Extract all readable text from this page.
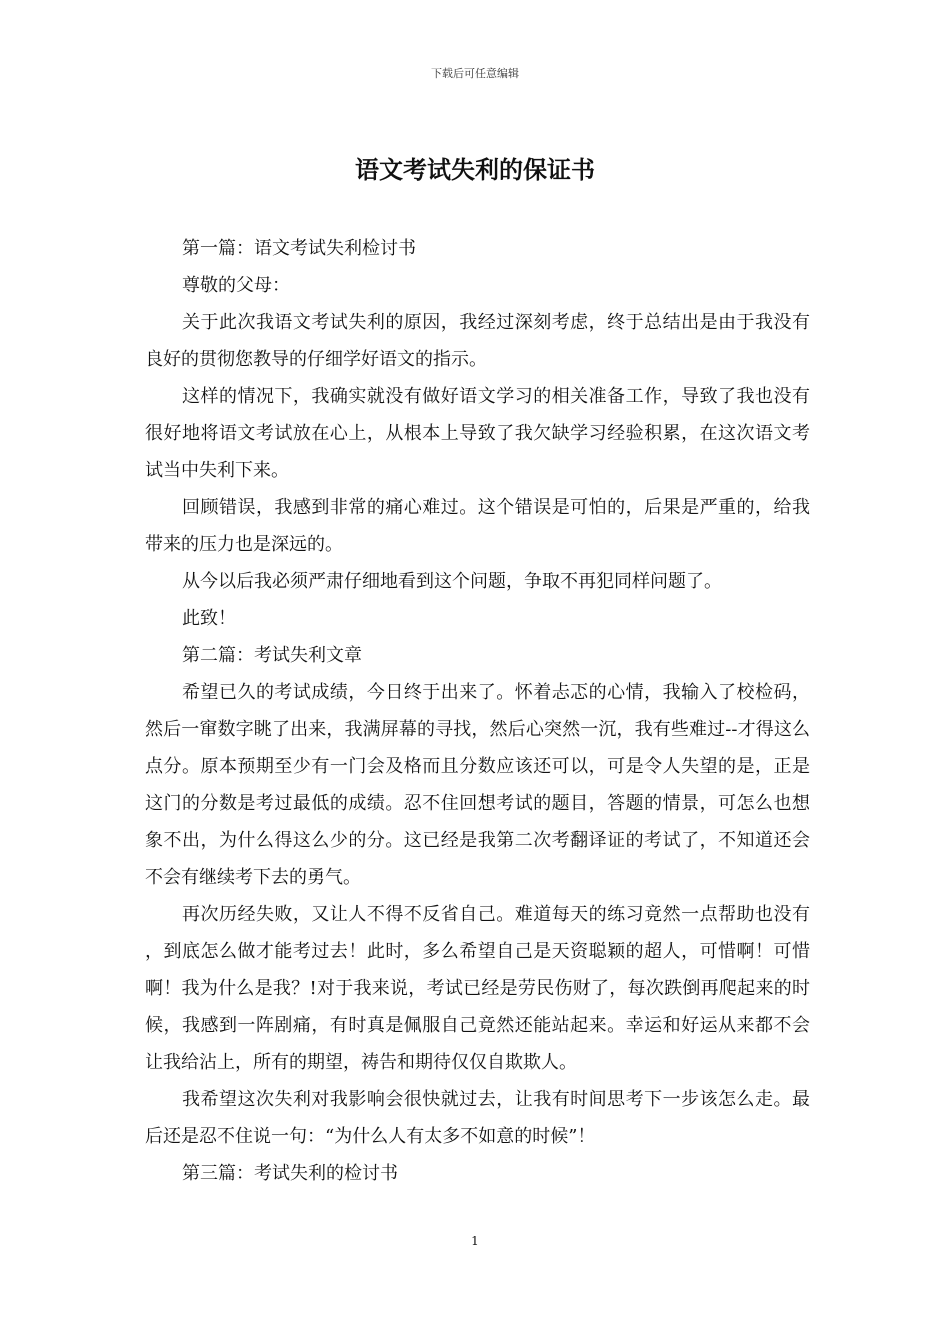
下载后可任意编辑
语文考试失利的保证书

第一篇：语文考试失利检讨书

尊敬的父母：

关于此次我语文考试失利的原因，我经过深刻考虑，终于总结出是由于我没有良好的贯彻您教导的仔细学好语文的指示。

这样的情况下，我确实就没有做好语文学习的相关准备工作，导致了我也没有很好地将语文考试放在心上，从根本上导致了我欠缺学习经验积累，在这次语文考试当中失利下来。

回顾错误，我感到非常的痛心难过。这个错误是可怕的，后果是严重的，给我带来的压力也是深远的。

从今以后我必须严肃仔细地看到这个问题，争取不再犯同样问题了。

此致！

第二篇：考试失利文章

希望已久的考试成绩，今日终于出来了。怀着忐忑的心情，我输入了校检码，然后一窜数字眺了出来，我满屏幕的寻找，然后心突然一沉，我有些难过--才得这么点分。原本预期至少有一门会及格而且分数应该还可以，可是令人失望的是，正是这门的分数是考过最低的成绩。忍不住回想考试的题目，答题的情景，可怎么也想象不出，为什么得这么少的分。这已经是我第二次考翻译证的考试了，不知道还会不会有继续考下去的勇气。

再次历经失败，又让人不得不反省自己。难道每天的练习竟然一点帮助也没有，到底怎么做才能考过去！此时，多么希望自己是天资聪颖的超人，可惜啊！可惜啊！我为什么是我？!对于我来说，考试已经是劳民伤财了，每次跌倒再爬起来的时候，我感到一阵剧痛，有时真是佩服自己竟然还能站起来。幸运和好运从来都不会让我给沾上，所有的期望，祷告和期待仅仅自欺欺人。

我希望这次失利对我影响会很快就过去，让我有时间思考下一步该怎么走。最后还是忍不住说一句：“为什么人有太多不如意的时候”！

第三篇：考试失利的检讨书

1
